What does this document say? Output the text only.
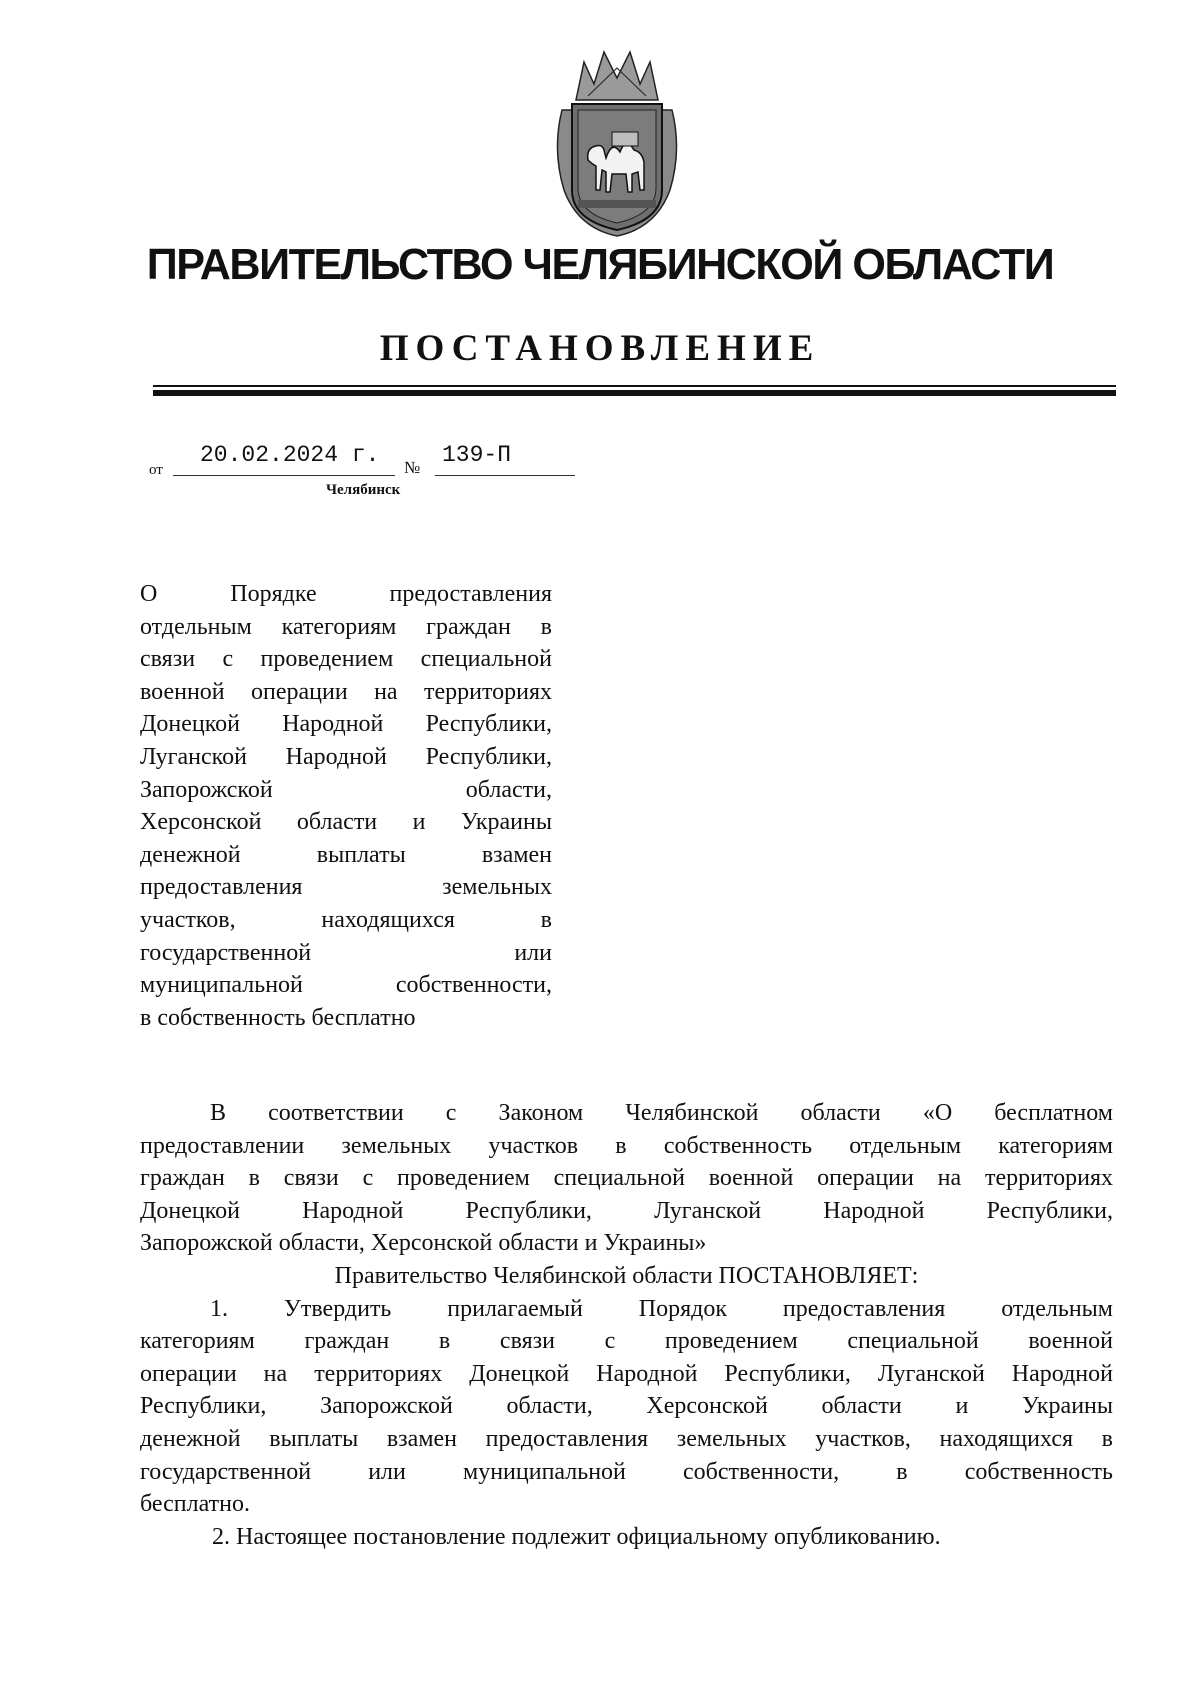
ПРАВИТЕЛЬСТВО ЧЕЛЯБИНСКОЙ ОБЛАСТИ
ПОСТАНОВЛЕНИЕ
от
20.02.2024 г. № 139-П
Челябинск
О Порядке предоставления
отдельным категориям граждан в
связи с проведением специальной
военной операции на территориях
Донецкой Народной Республики,
Луганской Народной Республики,
Запорожской области,
Херсонской области и Украины
денежной выплаты взамен
предоставления земельных
участков, находящихся в
государственной или
муниципальной собственности,
в собственность бесплатно
В соответствии с Законом Челябинской области «О бесплатном
предоставлении земельных участков в собственность отдельным категориям
граждан в связи с проведением специальной военной операции на территориях
Донецкой Народной Республики, Луганской Народной Республики,
Запорожской области, Херсонской области и Украины»
Правительство Челябинской области ПОСТАНОВЛЯЕТ:
1. Утвердить прилагаемый Порядок предоставления отдельным
категориям граждан в связи с проведением специальной военной
операции на территориях Донецкой Народной Республики, Луганской Народной
Республики, Запорожской области, Херсонской области и Украины
денежной выплаты взамен предоставления земельных участков, находящихся в
государственной или муниципальной собственности, в собственность
бесплатно.
2. Настоящее постановление подлежит официальному опубликованию.
